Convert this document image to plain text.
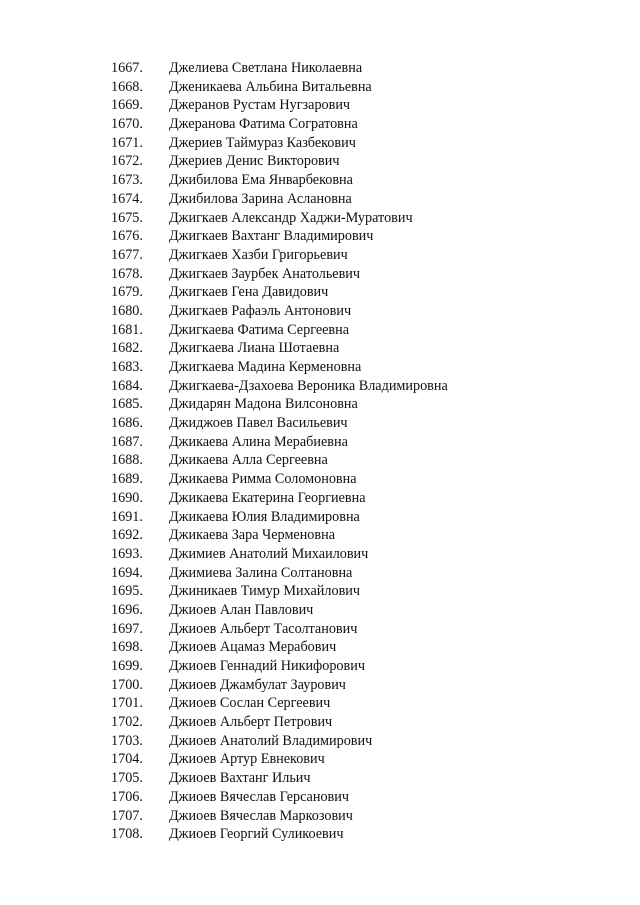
1667. Джелиева Светлана Николаевна
1668. Дженикаева Альбина Витальевна
1669. Джеранов Рустам Нугзарович
1670. Джеранова Фатима Согратовна
1671. Джериев Таймураз Казбекович
1672. Джериев Денис Викторович
1673. Джибилова Ема Январбековна
1674. Джибилова Зарина Аслановна
1675. Джигкаев Александр Хаджи-Муратович
1676. Джигкаев Вахтанг Владимирович
1677. Джигкаев Хазби Григорьевич
1678. Джигкаев Заурбек Анатольевич
1679. Джигкаев Гена Давидович
1680. Джигкаев Рафаэль Антонович
1681. Джигкаева Фатима Сергеевна
1682. Джигкаева Лиана Шотаевна
1683. Джигкаева Мадина Керменовна
1684. Джигкаева-Дзахоева Вероника Владимировна
1685. Джидарян Мадона Вилсоновна
1686. Джиджоев Павел Васильевич
1687. Джикаева Алина Мерабиевна
1688. Джикаева Алла Сергеевна
1689. Джикаева Римма Соломоновна
1690. Джикаева Екатерина Георгиевна
1691. Джикаева Юлия Владимировна
1692. Джикаева Зара Черменовна
1693. Джимиев Анатолий Михаилович
1694. Джимиева Залина Солтановна
1695. Джиникаев Тимур Михайлович
1696. Джиоев Алан Павлович
1697. Джиоев Альберт Тасолтанович
1698. Джиоев Ацамаз Мерабович
1699. Джиоев Геннадий Никифорович
1700. Джиоев Джамбулат Заурович
1701. Джиоев Сослан Сергеевич
1702. Джиоев Альберт Петрович
1703. Джиоев Анатолий Владимирович
1704. Джиоев Артур Евнекович
1705. Джиоев Вахтанг Ильич
1706. Джиоев Вячеслав Герсанович
1707. Джиоев Вячеслав Маркозович
1708. Джиоев Георгий Суликоевич
